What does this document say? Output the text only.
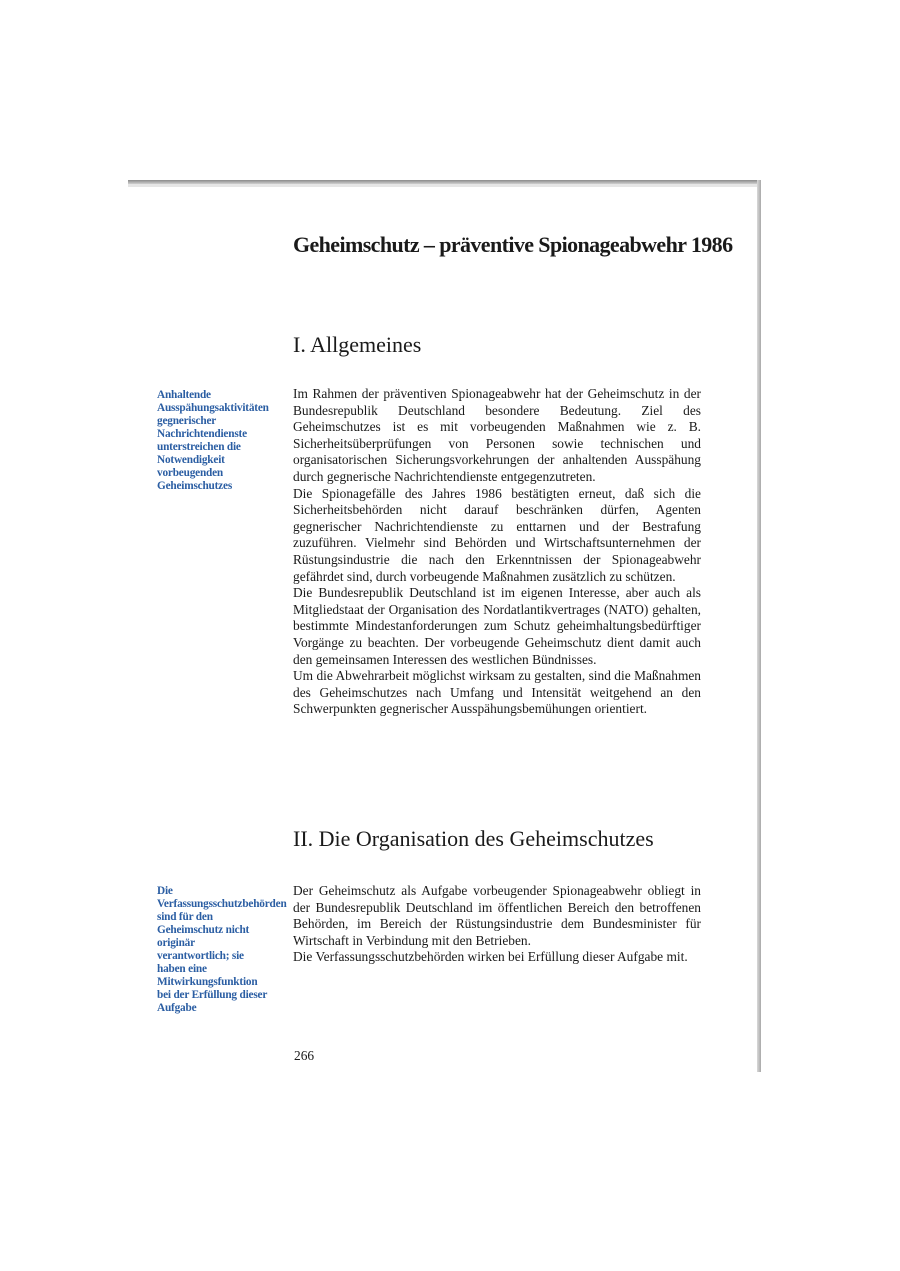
Geheimschutz – präventive Spionageabwehr 1986
I. Allgemeines

Anhaltende Ausspähungsaktivitäten gegnerischer Nachrichtendienste unterstreichen die Notwendigkeit vorbeugenden Geheimschutzes

Im Rahmen der präventiven Spionageabwehr hat der Geheimschutz in der Bundesrepublik Deutschland besondere Bedeutung. Ziel des Geheimschutzes ist es mit vorbeugenden Maßnahmen wie z. B. Sicherheitsüberprüfungen von Personen sowie technischen und organisatorischen Sicherungsvorkehrungen der anhaltenden Ausspähung durch gegnerische Nachrichtendienste entgegenzutreten.

Die Spionagefälle des Jahres 1986 bestätigten erneut, daß sich die Sicherheitsbehörden nicht darauf beschränken dürfen, Agenten gegnerischer Nachrichtendienste zu enttarnen und der Bestrafung zuzuführen. Vielmehr sind Behörden und Wirtschaftsunternehmen der Rüstungsindustrie die nach den Erkenntnissen der Spionageabwehr gefährdet sind, durch vorbeugende Maßnahmen zusätzlich zu schützen.

Die Bundesrepublik Deutschland ist im eigenen Interesse, aber auch als Mitgliedstaat der Organisation des Nordatlantikvertrages (NATO) gehalten, bestimmte Mindestanforderungen zum Schutz geheimhaltungsbedürftiger Vorgänge zu beachten. Der vorbeugende Geheimschutz dient damit auch den gemeinsamen Interessen des westlichen Bündnisses.

Um die Abwehrarbeit möglichst wirksam zu gestalten, sind die Maßnahmen des Geheimschutzes nach Umfang und Intensität weitgehend an den Schwerpunkten gegnerischer Ausspähungsbemühungen orientiert.

II. Die Organisation des Geheimschutzes

Die Verfassungsschutzbehörden sind für den Geheimschutz nicht originär verantwortlich; sie haben eine Mitwirkungsfunktion bei der Erfüllung dieser Aufgabe

Der Geheimschutz als Aufgabe vorbeugender Spionageabwehr obliegt in der Bundesrepublik Deutschland im öffentlichen Bereich den betroffenen Behörden, im Bereich der Rüstungsindustrie dem Bundesminister für Wirtschaft in Verbindung mit den Betrieben.

Die Verfassungsschutzbehörden wirken bei Erfüllung dieser Aufgabe mit.

266
